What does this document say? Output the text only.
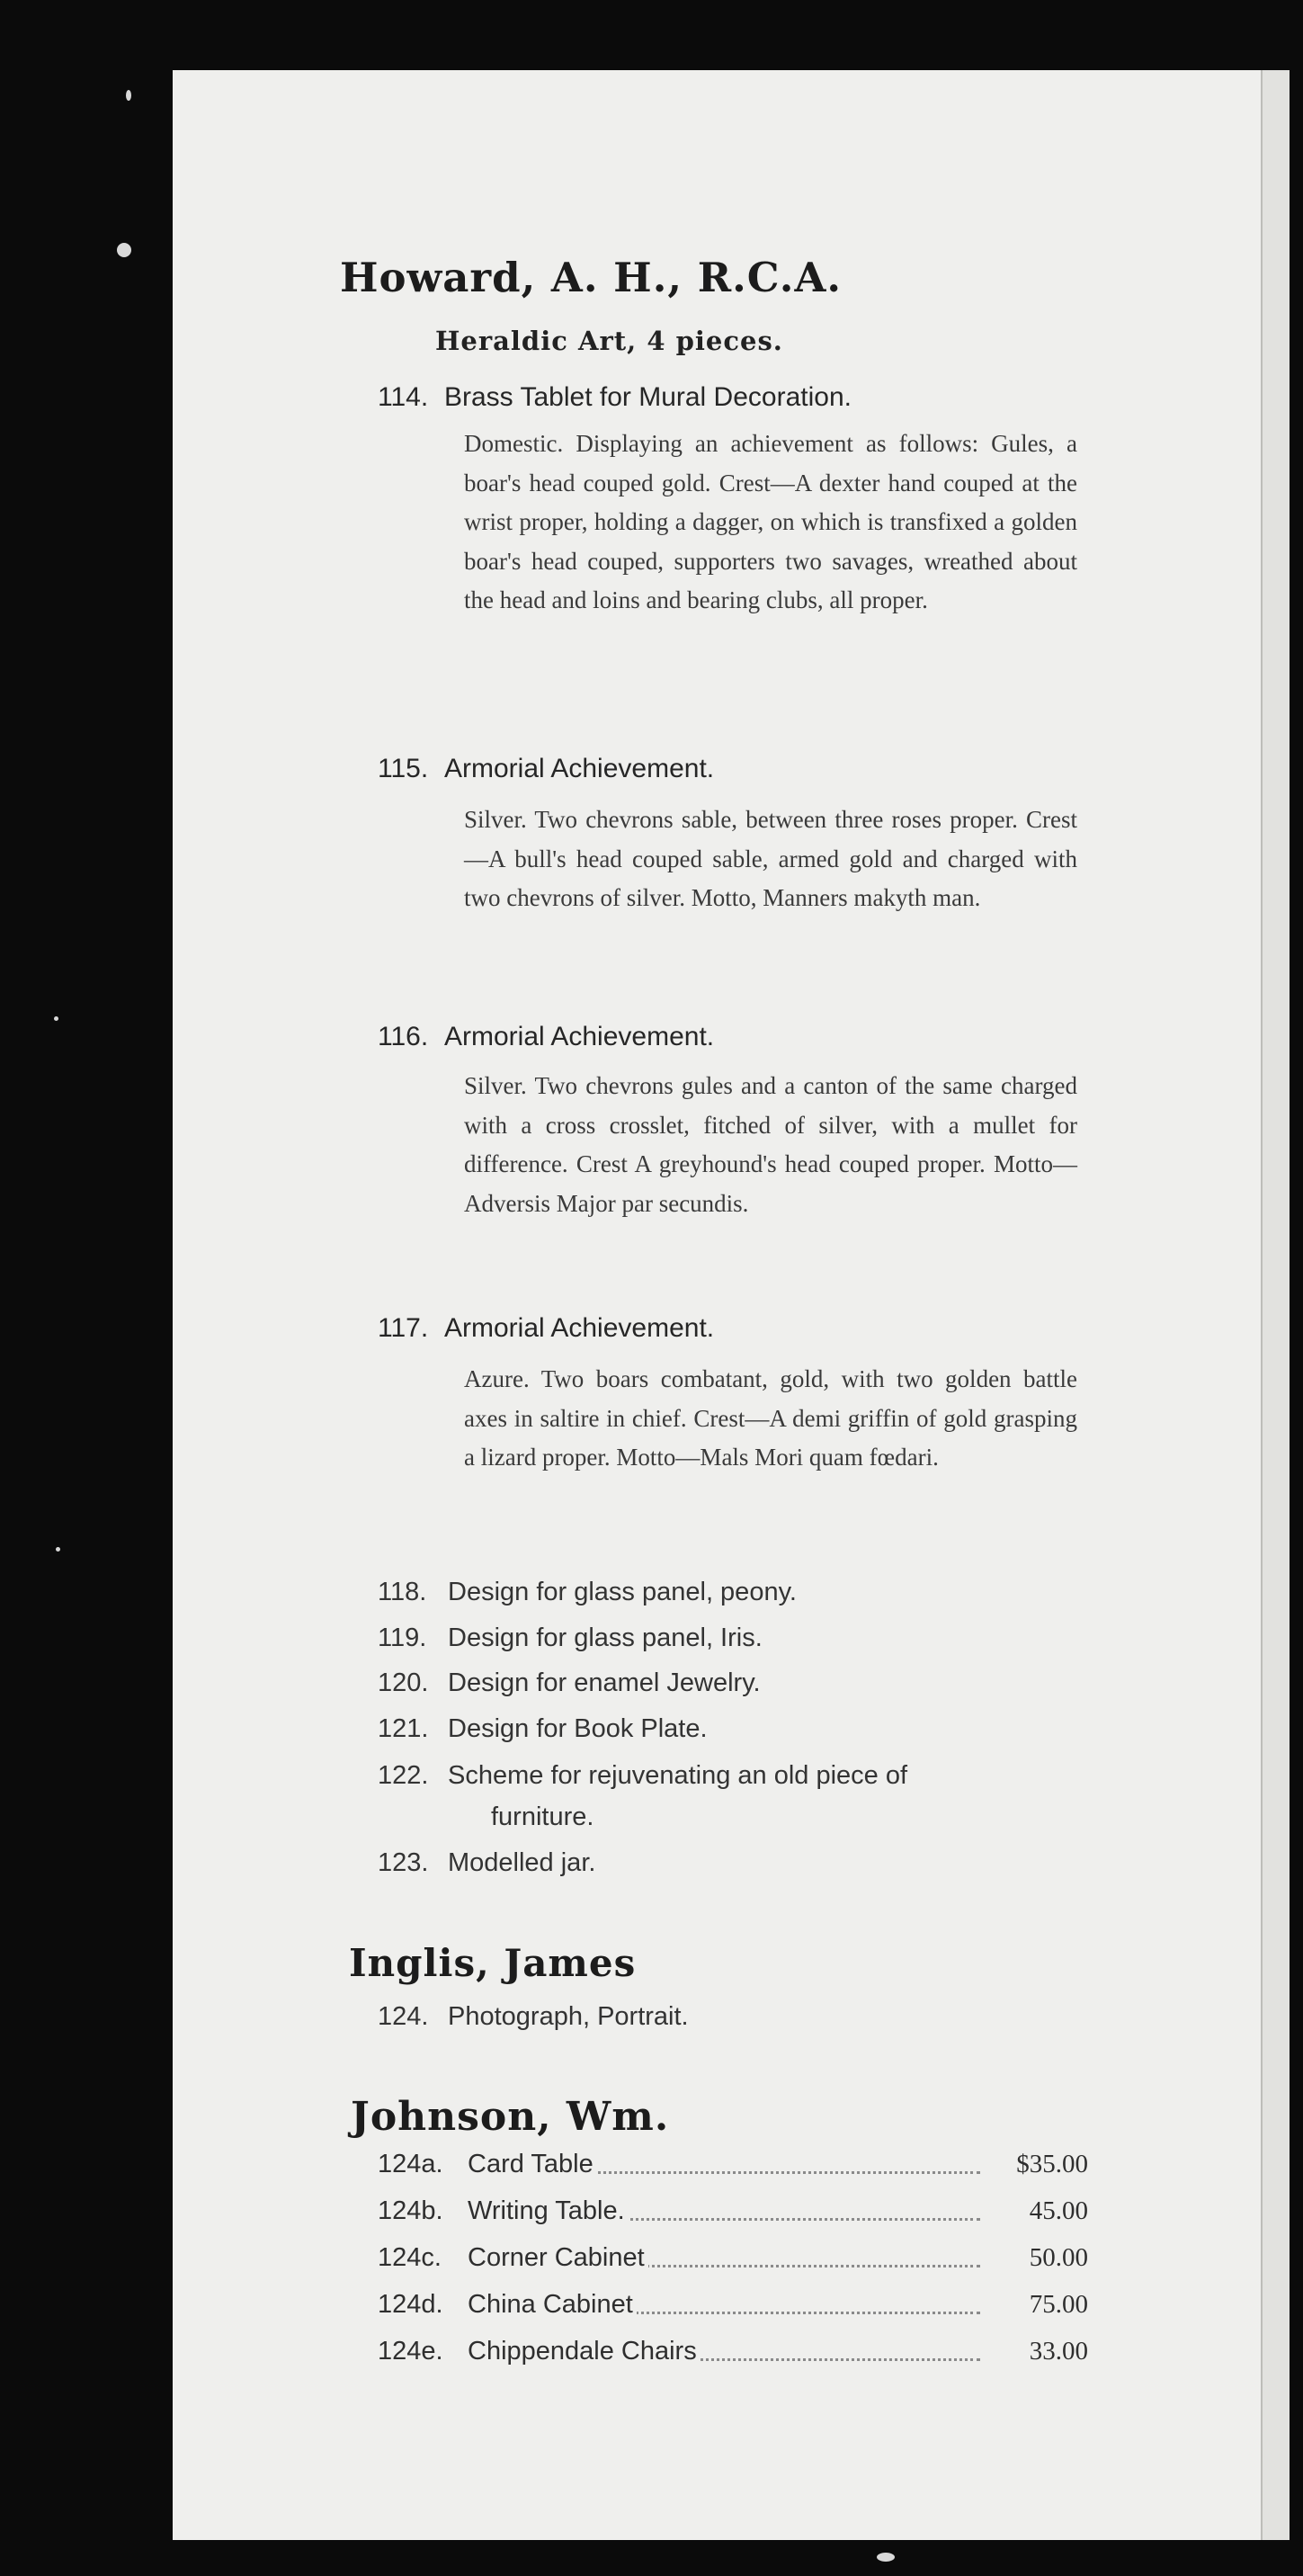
Howard, A. H., R.C.A.
Heraldic Art, 4 pieces.
114. Brass Tablet for Mural Decoration.
Domestic. Displaying an achievement as follows: Gules, a boar's head couped gold. Crest—A dexter hand couped at the wrist proper, holding a dagger, on which is transfixed a golden boar's head couped, supporters two savages, wreathed about the head and loins and bearing clubs, all proper.
115. Armorial Achievement.
Silver. Two chevrons sable, between three roses proper. Crest—A bull's head couped sable, armed gold and charged with two chevrons of silver. Motto, Manners makyth man.
116. Armorial Achievement.
Silver. Two chevrons gules and a canton of the same charged with a cross crosslet, fitched of silver, with a mullet for difference. Crest A greyhound's head couped proper. Motto—Adversis Major par secundis.
117. Armorial Achievement.
Azure. Two boars combatant, gold, with two golden battle axes in saltire in chief. Crest—A demi griffin of gold grasping a lizard proper. Motto—Mals Mori quam fœdari.
118. Design for glass panel, peony.
119. Design for glass panel, Iris.
120. Design for enamel Jewelry.
121. Design for Book Plate.
122. Scheme for rejuvenating an old piece of
furniture.
123. Modelled jar.
Inglis, James
124. Photograph, Portrait.
Johnson, Wm.
124a. Card Table	$35.00
124b. Writing Table.	45.00
124c. Corner Cabinet	50.00
124d. China Cabinet	75.00
124e. Chippendale Chairs	33.00
